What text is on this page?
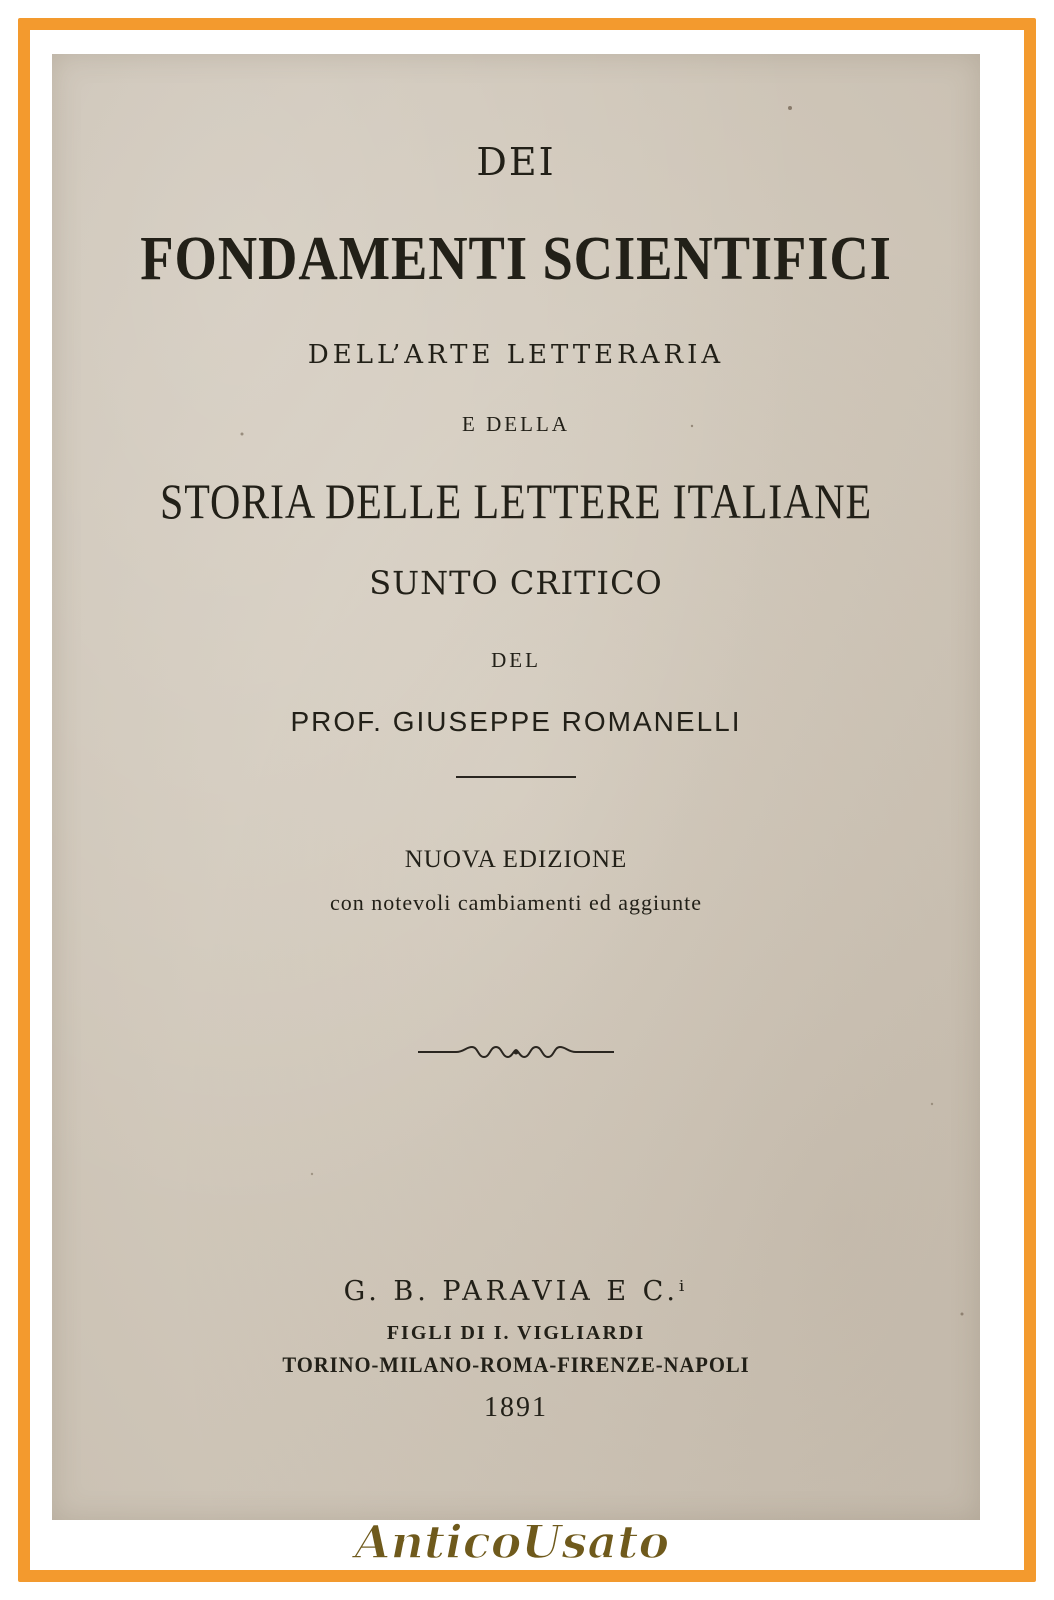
DEI
FONDAMENTI SCIENTIFICI
DELL’ARTE LETTERARIA
E DELLA
STORIA DELLE LETTERE ITALIANE
SUNTO CRITICO
DEL
PROF. GIUSEPPE ROMANELLI
NUOVA EDIZIONE
con notevoli cambiamenti ed aggiunte
G. B. PARAVIA E C.ⁱ
FIGLI DI I. VIGLIARDI
TORINO-MILANO-ROMA-FIRENZE-NAPOLI
1891
AnticoUsato
